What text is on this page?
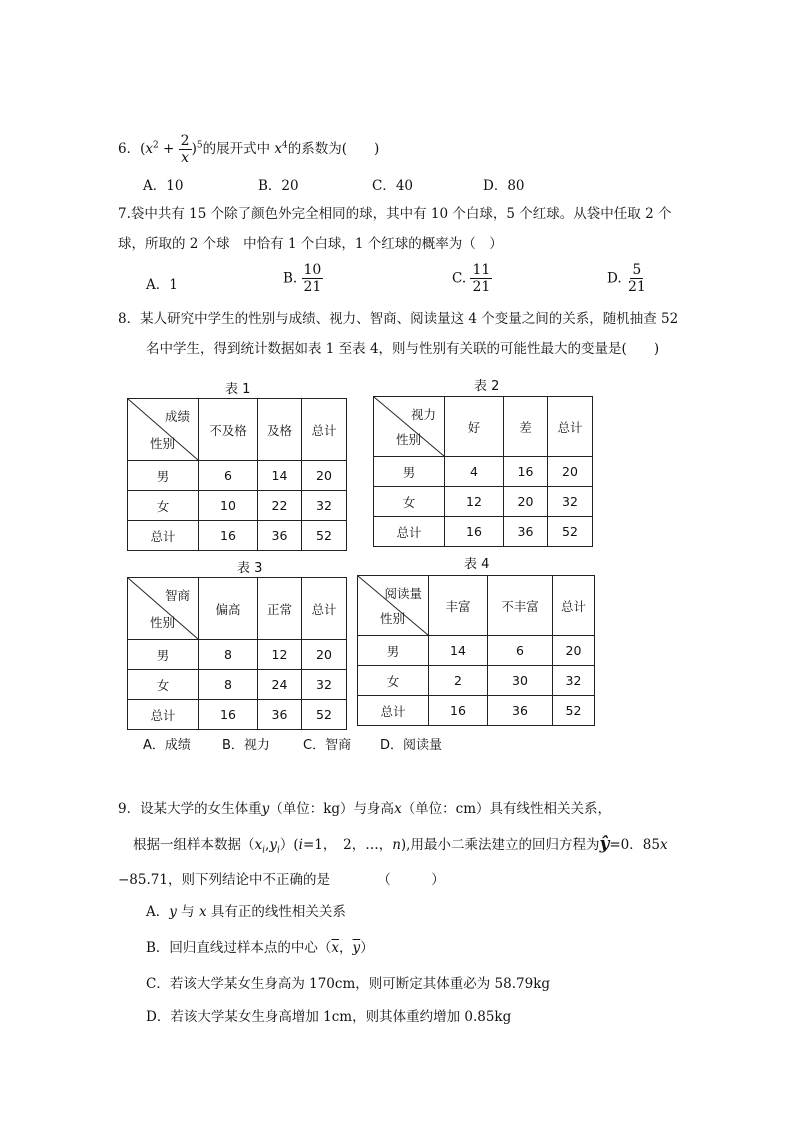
6．$(x^2 + \frac{2}{x} )^5$的展开式中 $x^4$的系数为(　　)
A．10	B．20	C．40	D．80
7.袋中共有 15 个除了颜色外完全相同的球，其中有 10 个白球，5 个红球。从袋中任取 2 个
球，所取的 2 个球　中恰有 1 个白球，1 个红球的概率为（　）
A．1	B. $\frac{10}{21}$	C. $\frac{11}{21}$	D. $\frac{5}{21}$
8．某人研究中学生的性别与成绩、视力、智商、阅读量这 4 个变量之间的关系，随机抽查 52
名中学生，得到统计数据如表 1 至表 4，则与性别有关联的可能性最大的变量是(　　)
表 1
成绩
性别	不及格	及格	总计
男	6	14	20
女	10	22	32
总计	16	36	52
表 2
视力
性别	好	差	总计
男	4	16	20
女	12	20	32
总计	16	36	52
表 3
智商
性别	偏高	正常	总计
男	8	12	20
女	8	24	32
总计	16	36	52
表 4
阅读量
性别	丰富	不丰富	总计
男	14	6	20
女	2	30	32
总计	16	36	52
A．成绩 B．视力	C．智商 D．阅读量
9．设某大学的女生体重y（单位：kg）与身高x（单位：cm）具有线性相关关系，
根据一组样本数据$(x_i,y_i)(i=1$，　2，…，n),用最小二乘法建立的回归方程为ŷ=0．85x
−85.71，则下列结论中不正确的是　　　　（　　　）
A．y 与 x 具有正的线性相关关系
B．回归直线过样本点的中心（$\overline{x}$，$\overline{y}$）
C．若该大学某女生身高为 170cm，则可断定其体重必为 58.79kg
D．若该大学某女生身高增加 1cm，则其体重约增加 0.85kg
